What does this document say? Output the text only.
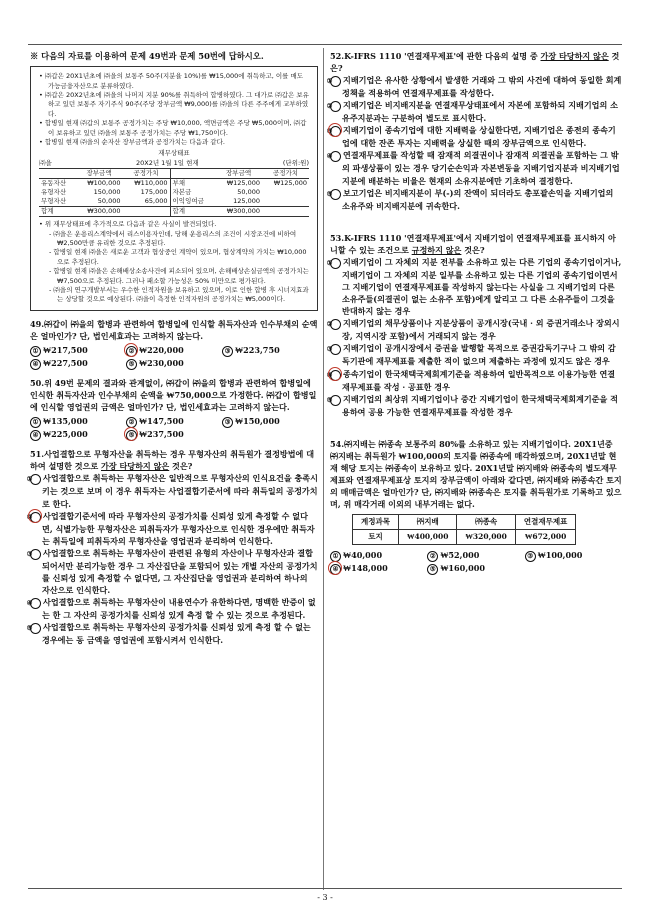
※ 다음의 자료를 이용하여 문제 49번과 문제 50번에 답하시오.
• ㈜갑은 20X1년초에 ㈜을의 보통주 50주(지분율 10%)를 ₩15,000에 취득하고, 이를 매도가능금융자산으로 분류하였다.
• ㈜갑은 20X2년초에 ㈜을의 나머지 지분 90%를 취득하여 합병하였다. 그 대가로 ㈜갑은 보유하고 있던 보통주 자기주식 90주(주당 장부금액 ₩9,000)를 ㈜을의 다른 주주에게 교부하였다.
• 합병일 현재 ㈜갑의 보통주 공정가치는 주당 ₩10,000, 액면금액은 주당 ₩5,000이며, ㈜갑이 보유하고 있던 ㈜을의 보통주 공정가치는 주당 ₩1,750이다.
• 합병일 현재 ㈜을의 순자산 장부금액과 공정가치는 다음과 같다.
재무상태표
㈜을	20X2년 1월 1일 현재	(단위:원)
	장부금액	공정가치		장부금액	공정가치
유동자산	₩100,000	₩110,000	부채	₩125,000	₩125,000
유형자산	150,000	175,000	자본금	50,000	
무형자산	50,000	65,000	이익잉여금	125,000	
합계	₩300,000		합계	₩300,000	
• 위 재무상태표에 추가적으로 다음과 같은 사실이 발견되었다.
- ㈜을은 운용리스계약에서 리스이용자인데, 당해 운용리스의 조건이 시장조건에 비하여 ₩2,500만큼 유리한 것으로 추정된다.
- 합병일 현재 ㈜을은 새로운 고객과 협상중인 계약이 있으며, 협상계약의 가치는 ₩10,000으로 추정된다.
- 합병일 현재 ㈜을은 손해배상소송사건에 피소되어 있으며, 손해배상손실금액의 공정가치는 ₩7,500으로 추정된다. 그러나 패소할 가능성은 50% 미만으로 평가된다.
- ㈜을의 연구개발부서는 우수한 인적자원을 보유하고 있으며, 이로 인한 합병 후 시너지효과는 상당할 것으로 예상된다. ㈜을이 측정한 인적자원의 공정가치는 ₩5,000이다.
49.㈜갑이 ㈜을의 합병과 관련하여 합병일에 인식할 취득자산과 인수부채의 순액은 얼마인가? 단, 법인세효과는 고려하지 않는다.
① ₩217,500	② ₩220,000	③ ₩223,750
④ ₩227,500	⑤ ₩230,000
50.위 49번 문제의 결과와 관계없이, ㈜갑이 ㈜을의 합병과 관련하여 합병일에 인식한 취득자산과 인수부채의 순액을 ₩750,000으로 가정한다. ㈜갑이 합병일에 인식할 영업권의 금액은 얼마인가? 단, 법인세효과는 고려하지 않는다.
① ₩135,000	② ₩147,500	③ ₩150,000
④ ₩225,000	⑤ ₩237,500
51.사업결합으로 무형자산을 취득하는 경우 무형자산의 취득원가 결정방법에 대하여 설명한 것으로 가장 타당하지 않은 것은?
① 사업결합으로 취득하는 무형자산은 일반적으로 무형자산의 인식요건을 충족시키는 것으로 보며 이 경우 취득자는 사업결합기준서에 따라 취득일의 공정가치로 한다.
② 사업결합기준서에 따라 무형자산의 공정가치를 신뢰성 있게 측정할 수 없다면, 식별가능한 무형자산은 피취득자가 무형자산으로 인식한 경우에만 취득자는 취득일에 피취득자의 무형자산을 영업권과 분리하여 인식한다.
③ 사업결합으로 취득하는 무형자산이 관련된 유형의 자산이나 무형자산과 결합되어서만 분리가능한 경우 그 자산집단을 포함되어 있는 개별 자산의 공정가치를 신뢰성 있게 측정할 수 없다면, 그 자산집단을 영업권과 분리하여 하나의 자산으로 인식한다.
④ 사업결합으로 취득하는 무형자산이 내용연수가 유한하다면, 명백한 반증이 없는 한 그 자산의 공정가치를 신뢰성 있게 측정 할 수 있는 것으로 추정된다.
⑤ 사업결합으로 취득하는 무형자산의 공정가치를 신뢰성 있게 측정 할 수 없는 경우에는 동 금액을 영업권에 포함시켜서 인식한다.
52.K-IFRS 1110 '연결재무제표'에 관한 다음의 설명 중 가장 타당하지 않은 것은?
① 지배기업은 유사한 상황에서 발생한 거래와 그 밖의 사건에 대하여 동일한 회계정책을 적용하여 연결재무제표를 작성한다.
② 지배기업은 비지배지분을 연결재무상태표에서 자본에 포함하되 지배기업의 소유주지분과는 구분하여 별도로 표시한다.
③ 지배기업이 종속기업에 대한 지배력을 상실한다면, 지배기업은 종전의 종속기업에 대한 잔존 투자는 지배력을 상실한 때의 장부금액으로 인식한다.
④ 연결재무제표를 작성할 때 잠재적 의결권이나 잠재적 의결권을 포함하는 그 밖의 파생상품이 있는 경우 당기순손익과 자본변동을 지배기업지분과 비지배기업지분에 배분하는 비율은 현재의 소유지분에만 기초하여 결정한다.
⑤ 보고기업은 비지배지분이 부(-)의 잔액이 되더라도 총포괄손익을 지배기업의 소유주와 비지배지분에 귀속한다.
53.K-IFRS 1110 '연결재무제표'에서 지배기업이 연결재무제표를 표시하지 아니할 수 있는 조건으로 규정하지 않은 것은?
① 지배기업이 그 자체의 지분 전부를 소유하고 있는 다른 기업의 종속기업이거나, 지배기업이 그 자체의 지분 일부를 소유하고 있는 다른 기업의 종속기업이면서 그 지배기업이 연결재무제표를 작성하지 않는다는 사실을 그 지배기업의 다른 소유주들(의결권이 없는 소유주 포함)에게 알리고 그 다른 소유주들이 그것을 반대하지 않는 경우
② 지배기업의 채무상품이나 지분상품이 공개시장(국내 · 외 증권거래소나 장외시장, 지역시장 포함)에서 거래되지 않는 경우
③ 지배기업이 공개시장에서 증권을 발행할 목적으로 증권감독기구나 그 밖의 감독기관에 재무제표를 제출한 적이 없으며 제출하는 과정에 있지도 않은 경우
④ 종속기업이 한국채택국제회계기준을 적용하여 일반목적으로 이용가능한 연결재무제표를 작성 · 공표한 경우
⑤ 지배기업의 최상위 지배기업이나 중간 지배기업이 한국채택국제회계기준을 적용하여 공용 가능한 연결재무제표를 작성한 경우
54.㈜지배는 ㈜종속 보통주의 80%를 소유하고 있는 지배기업이다. 20X1년중 ㈜지배는 취득원가 ₩100,000의 토지를 ㈜종속에 매각하였으며, 20X1년말 현재 해당 토지는 ㈜종속이 보유하고 있다. 20X1년말 ㈜지배와 ㈜종속의 별도재무제표와 연결재무제표상 토지의 장부금액이 아래와 같다면, ㈜지배와 ㈜종속간 토지의 매매금액은 얼마인가? 단, ㈜지배와 ㈜종속은 토지를 취득원가로 기록하고 있으며, 위 매각거래 이외의 내부거래는 없다.
계정과목	㈜지배	㈜종속	연결재무제표
토지	₩400,000	₩320,000	₩672,000
① ₩40,000	② ₩52,000	③ ₩100,000
④ ₩148,000	⑤ ₩160,000
- 3 -
